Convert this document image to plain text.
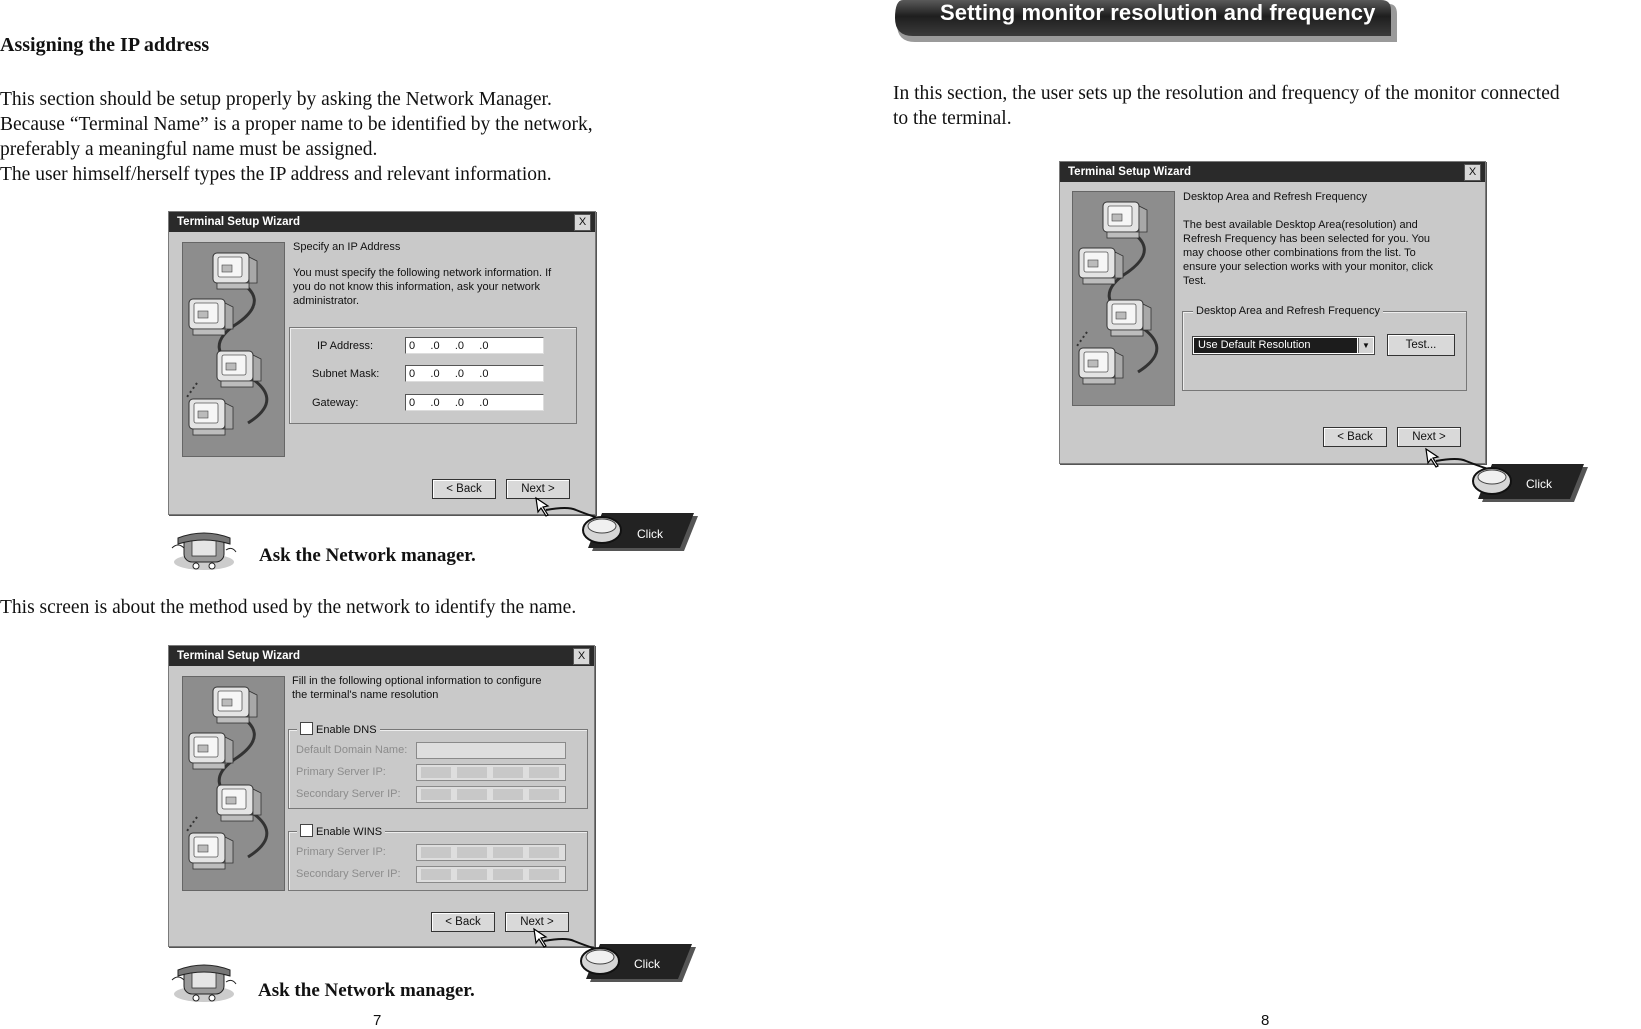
Assigning the IP address
This section should be setup properly by asking the Network Manager.
Because “Terminal Name” is a proper name to be identified by the network,
preferably a meaningful name must be assigned.
The user himself/herself types the IP address and relevant information.
Terminal Setup Wizard	X
Specify an IP Address
You must specify the following network information. If
you do not know this information, ask your network
administrator.
IP Address:	0     .0     .0     .0
Subnet Mask:	0     .0     .0     .0
Gateway:	0     .0     .0     .0
< Back	Next >
Click
Ask the Network manager.
This screen is about the method used by the network to identify the name.
Terminal Setup Wizard	X
Fill in the following optional information to configure
the terminal's name resolution
Enable DNS
Default Domain Name:
Primary Server IP:

Secondary Server IP:

Enable WINS
Primary Server IP:

Secondary Server IP:

< Back	Next >
Click
Ask the Network manager.
7
Setting monitor resolution and frequency
In this section, the user sets up the resolution and frequency of the monitor connected
to the terminal.
Terminal Setup Wizard	X
Desktop Area and Refresh Frequency
The best available Desktop Area(resolution) and
Refresh Frequency has been selected for you. You
may choose other combinations from the list. To
ensure your selection works with your monitor, click
Test.
Desktop Area and Refresh Frequency
Use Default Resolution	▼	Test...
< Back	Next >
Click
8
